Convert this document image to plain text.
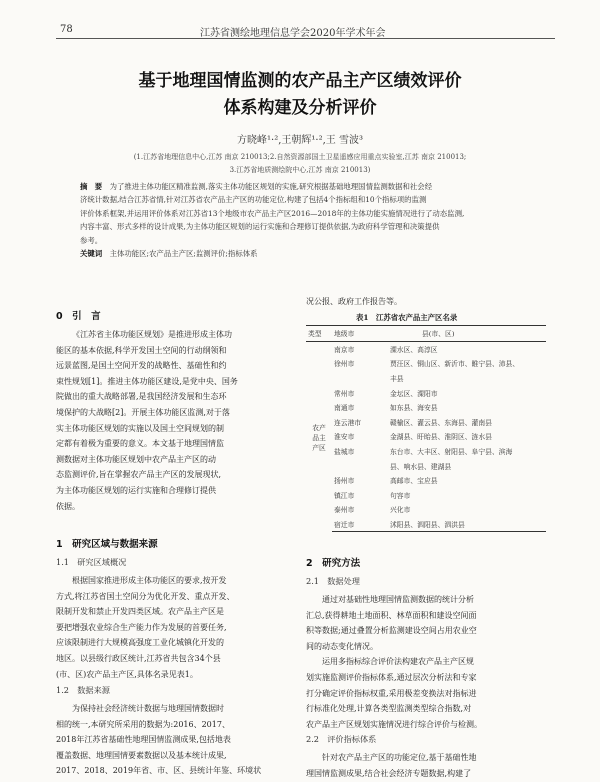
78	江苏省测绘地理信息学会2020年学术年会
基于地理国情监测的农产品主产区绩效评价
体系构建及分析评价
方晓峰¹·²,王朝辉¹·²,王 雪波³
(1.江苏省地理信息中心,江苏 南京 210013;2.自然资源部国土卫星遥感应用重点实验室,江苏 南京 210013;
3.江苏省地质测绘院中心,江苏 南京 210013)
摘　要　 为了推进主体功能区精准监测,落实主体功能区规划的实施,研究根据基础地理国情监测数据和社会经
济统计数据,结合江苏省情,针对江苏省农产品主产区的功能定位,构建了包括4个指标组和10个指标项的监测
评价体系框架,并运用评价体系对江苏省13个地级市农产品主产区2016—2018年的主体功能实施情况进行了动态监测,
内容丰富、形式多样的设计成果,为主体功能区规划的运行实施和合理修订提供依据,为政府科学管理和决策提供
参考。
关键词　 主体功能区;农产品主产区;监测评价;指标体系
0　引　言
《江苏省主体功能区规划》是推进形成主体功
能区的基本依据,科学开发国土空间的行动纲领和
远景蓝图,是国土空间开发的战略性、基础性和约
束性规划[1]。推进主体功能区建设,是党中央、国务
院做出的重大战略部署,是我国经济发展和生态环
境保护的大战略[2]。开展主体功能区监测,对于落
实主体功能区规划的实施以及国土空间规划的制
定都有着极为重要的意义。本文基于地理国情监
测数据对主体功能区规划中农产品主产区的动
态监测评价,旨在掌握农产品主产区的发展现状,
为主体功能区规划的运行实施和合理修订提供
依据。
1　研究区域与数据来源
1.1　研究区域概况
根据国家推进形成主体功能区的要求,按开发
方式,将江苏省国土空间分为优化开发、重点开发、
限制开发和禁止开发四类区域。农产品主产区是
要把增强农业综合生产能力作为发展的首要任务,
应该限制进行大规模高强度工业化城镇化开发的
地区。以县级行政区统计,江苏省共包含34个县
(市、区)农产品主产区,具体名录见表1。
1.2　数据来源
为保持社会经济统计数据与地理国情数据时
相的统一,本研究所采用的数据为:2016、2017、
2018年江苏省基础性地理国情监测成果,包括地表
覆盖数据、地理国情要素数据以及基本统计成果,
2017、2018、2019年省、市、区、县统计年鉴、环境状
况公报、政府工作报告等。
表1　江苏省农产品主产区名录
类型	地级市	县(市、区)

农产
品主
产区	南京市	溧水区、高淳区
	徐州市	贾汪区、铜山区、新沂市、睢宁县、沛县、
		丰县
	常州市	金坛区、溧阳市
	南通市	如东县、海安县
	连云港市	赣榆区、灌云县、东海县、灌南县
	淮安市	金湖县、盱眙县、淮阴区、涟水县
	盐城市	东台市、大丰区、射阳县、阜宁县、滨海
		县、响水县、建湖县
	扬州市	高邮市、宝应县
	镇江市	句容市
	泰州市	兴化市
	宿迁市	沭阳县、泗阳县、泗洪县
2　研究方法
2.1　数据处理
通过对基础性地理国情监测数据的统计分析
汇总,获得耕地土地面积、林草面积和建设空间面
积等数据;通过叠置分析监测建设空间占用农业空
间的动态变化情况。
运用多指标综合评价法构建农产品主产区规
划实施监测评价指标体系,通过层次分析法和专家
打分确定评价指标权重,采用极差变换法对指标进
行标准化处理,计算各类型监测类型综合指数,对
农产品主产区规划实施情况进行综合评价与检测。
2.2　评价指标体系
针对农产品主产区的功能定位,基于基础性地
理国情监测成果,结合社会经济专题数据,构建了
